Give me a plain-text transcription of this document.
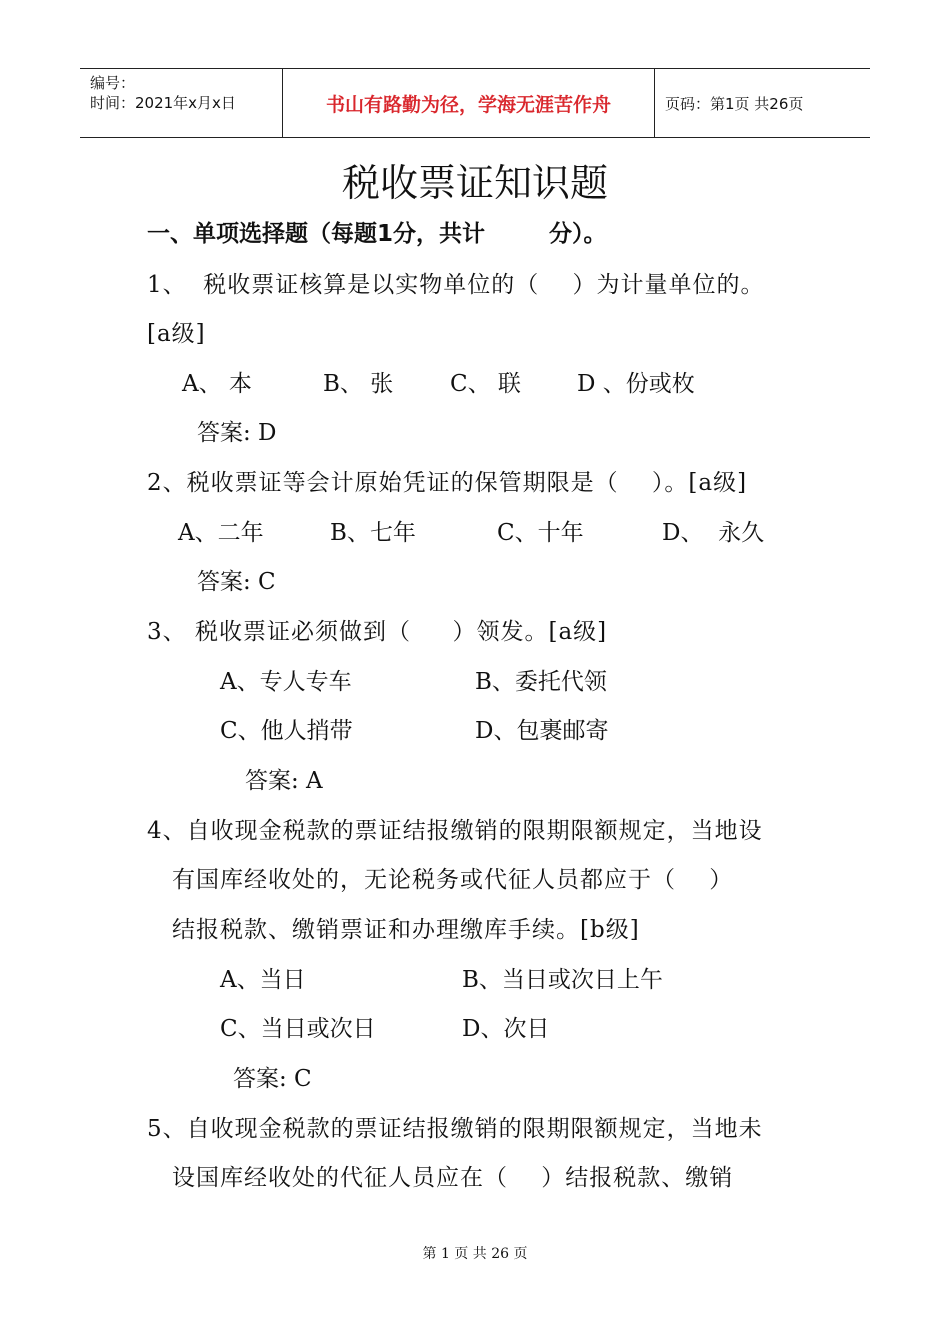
编号：
时间：2021年x月x日	书山有路勤为径，学海无涯苦作舟	页码：第1页 共26页
税收票证知识题
一、单项选择题（每题1分，共计        分）。
1、  税收票证核算是以实物单位的（    ）为计量单位的。
[a级]
A、 本	B、 张 C、 联 D 、份或枚
答案: D
2、税收票证等会计原始凭证的保管期限是（    ）。[a级]
A、二年	B、七年	C、十年	D、  永久
答案: C
3、 税收票证必须做到（     ）领发。[a级]
A、专人专车	B、委托代领
C、他人捎带	D、包裹邮寄
答案: A
4、自收现金税款的票证结报缴销的限期限额规定，当地设
有国库经收处的，无论税务或代征人员都应于（    ）
结报税款、缴销票证和办理缴库手续。[b级]
A、当日	B、当日或次日上午
C、当日或次日	D、次日
答案: C
5、自收现金税款的票证结报缴销的限期限额规定，当地未
设国库经收处的代征人员应在（    ）结报税款、缴销
第 1 页 共 26 页
